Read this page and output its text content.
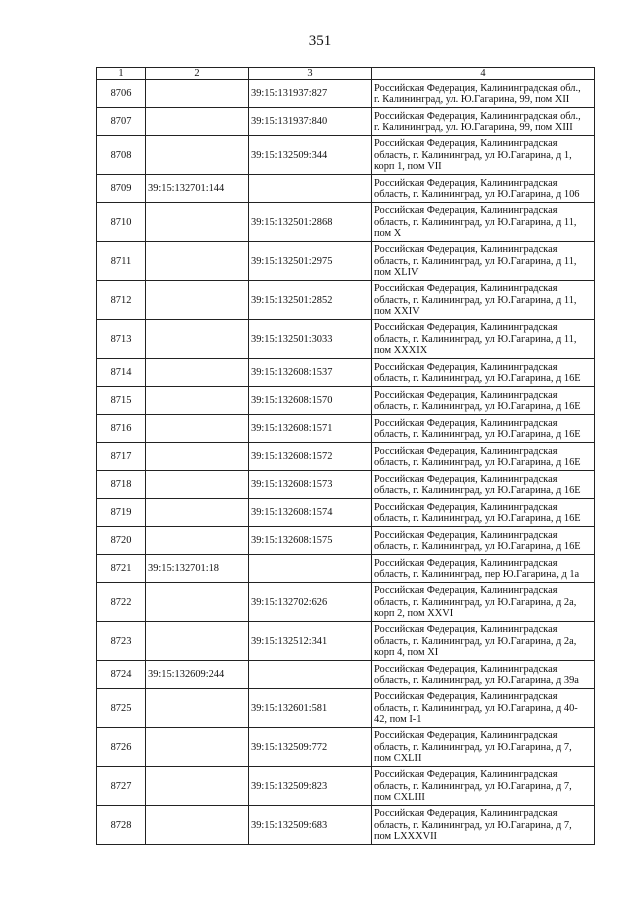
351
1	2	3	4
8706		39:15:131937:827	Российская Федерация, Калининградская обл.,
г. Калининград, ул. Ю.Гагарина, 99, пом XII

8707		39:15:131937:840	Российская Федерация, Калининградская обл.,
г. Калининград, ул. Ю.Гагарина, 99, пом XIII

8708		39:15:132509:344	Российская Федерация, Калининградская
область, г. Калининград, ул Ю.Гагарина, д 1,
корп 1, пом VII

8709	39:15:132701:144		Российская Федерация, Калининградская
область, г. Калининград, ул Ю.Гагарина, д 106

8710		39:15:132501:2868	Российская Федерация, Калининградская
область, г. Калининград, ул Ю.Гагарина, д 11,
пом X

8711		39:15:132501:2975	Российская Федерация, Калининградская
область, г. Калининград, ул Ю.Гагарина, д 11,
пом XLIV

8712		39:15:132501:2852	Российская Федерация, Калининградская
область, г. Калининград, ул Ю.Гагарина, д 11,
пом XXIV

8713		39:15:132501:3033	Российская Федерация, Калининградская
область, г. Калининград, ул Ю.Гагарина, д 11,
пом XXXIX

8714		39:15:132608:1537	Российская Федерация, Калининградская
область, г. Калининград, ул Ю.Гагарина, д 16Е

8715		39:15:132608:1570	Российская Федерация, Калининградская
область, г. Калининград, ул Ю.Гагарина, д 16Е

8716		39:15:132608:1571	Российская Федерация, Калининградская
область, г. Калининград, ул Ю.Гагарина, д 16Е

8717		39:15:132608:1572	Российская Федерация, Калининградская
область, г. Калининград, ул Ю.Гагарина, д 16Е

8718		39:15:132608:1573	Российская Федерация, Калининградская
область, г. Калининград, ул Ю.Гагарина, д 16Е

8719		39:15:132608:1574	Российская Федерация, Калининградская
область, г. Калининград, ул Ю.Гагарина, д 16Е

8720		39:15:132608:1575	Российская Федерация, Калининградская
область, г. Калининград, ул Ю.Гагарина, д 16Е

8721	39:15:132701:18		Российская Федерация, Калининградская
область, г. Калининград, пер Ю.Гагарина, д 1а

8722		39:15:132702:626	Российская Федерация, Калининградская
область, г. Калининград, ул Ю.Гагарина, д 2а,
корп 2, пом XXVI

8723		39:15:132512:341	Российская Федерация, Калининградская
область, г. Калининград, ул Ю.Гагарина, д 2а,
корп 4, пом XI

8724	39:15:132609:244		Российская Федерация, Калининградская
область, г. Калининград, ул Ю.Гагарина, д 39а

8725		39:15:132601:581	Российская Федерация, Калининградская
область, г. Калининград, ул Ю.Гагарина, д 40-
42, пом I-1

8726		39:15:132509:772	Российская Федерация, Калининградская
область, г. Калининград, ул Ю.Гагарина, д 7,
пом CXLII

8727		39:15:132509:823	Российская Федерация, Калининградская
область, г. Калининград, ул Ю.Гагарина, д 7,
пом CXLIII

8728		39:15:132509:683	Российская Федерация, Калининградская
область, г. Калининград, ул Ю.Гагарина, д 7,
пом LXXXVII
